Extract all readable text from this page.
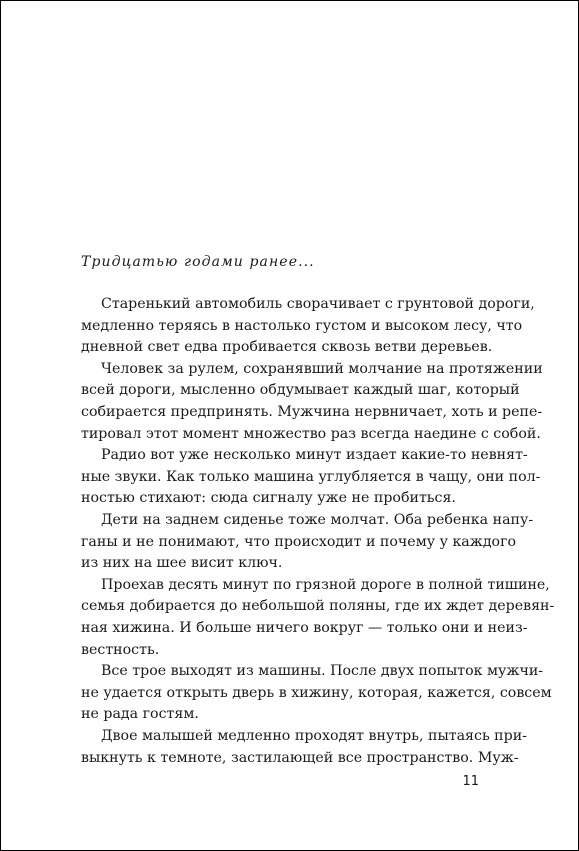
Тридцатью годами ранее...

Старенький автомобиль сворачивает с грунтовой дороги,
медленно теряясь в настолько густом и высоком лесу, что
дневной свет едва пробивается сквозь ветви деревьев.
Человек за рулем, сохранявший молчание на протяжении
всей дороги, мысленно обдумывает каждый шаг, который
собирается предпринять. Мужчина нервничает, хоть и репе-
тировал этот момент множество раз всегда наедине с собой.
Радио вот уже несколько минут издает какие-то невнят-
ные звуки. Как только машина углубляется в чащу, они пол-
ностью стихают: сюда сигналу уже не пробиться.
Дети на заднем сиденье тоже молчат. Оба ребенка напу-
ганы и не понимают, что происходит и почему у каждого
из них на шее висит ключ.
Проехав десять минут по грязной дороге в полной тишине,
семья добирается до небольшой поляны, где их ждет деревян-
ная хижина. И больше ничего вокруг — только они и неиз-
вестность.
Все трое выходят из машины. После двух попыток мужчи-
не удается открыть дверь в хижину, которая, кажется, совсем
не рада гостям.
Двое малышей медленно проходят внутрь, пытаясь при-
выкнуть к темноте, застилающей все пространство. Муж-
11
